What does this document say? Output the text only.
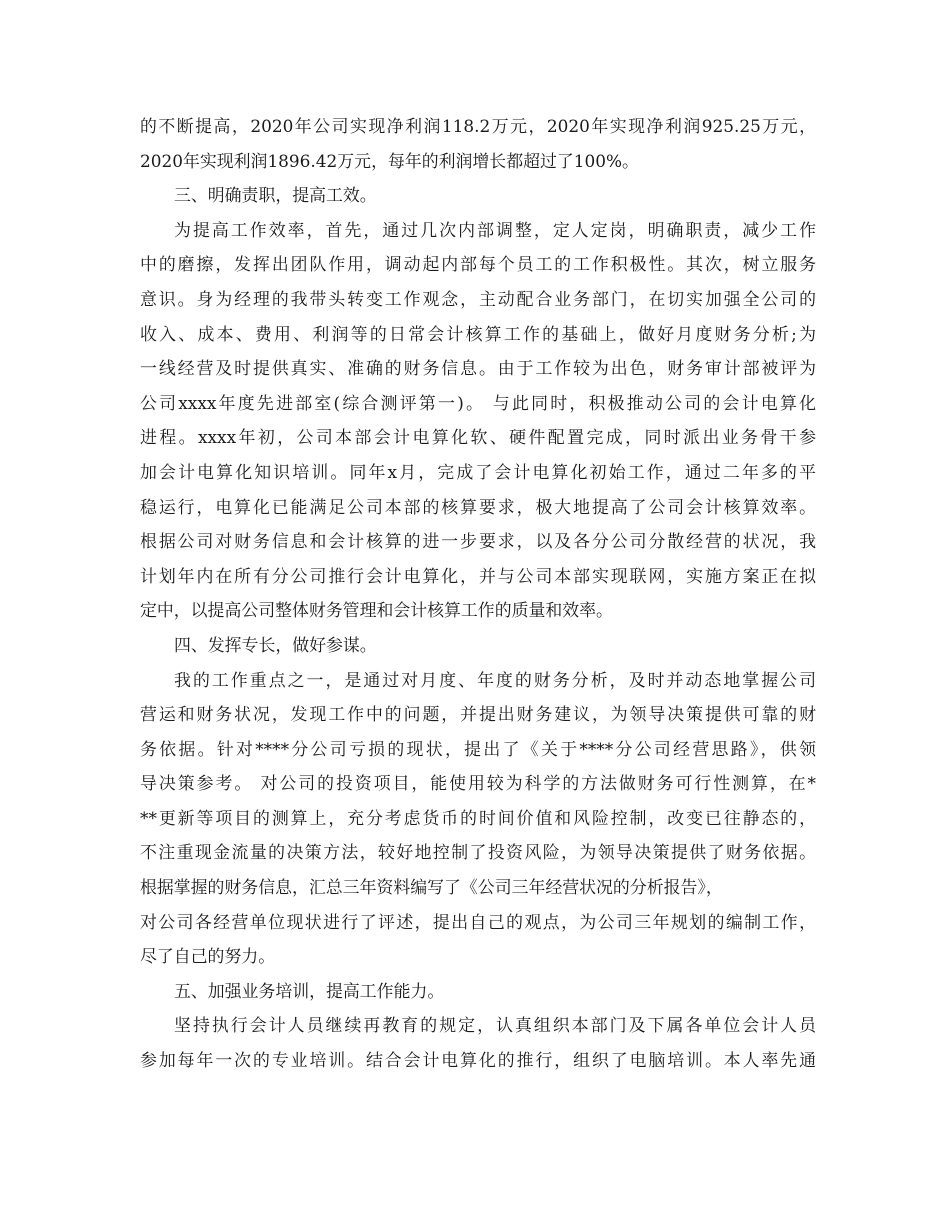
的不断提高，2020年公司实现净利润118.2万元，2020年实现净利润925.25万元，
2020年实现利润1896.42万元，每年的利润增长都超过了100%。
三、明确责职，提高工效。
为提高工作效率，首先，通过几次内部调整，定人定岗，明确职责，减少工作
中的磨擦，发挥出团队作用，调动起内部每个员工的工作积极性。其次，树立服务
意识。身为经理的我带头转变工作观念，主动配合业务部门，在切实加强全公司的
收入、成本、费用、利润等的日常会计核算工作的基础上，做好月度财务分析;为
一线经营及时提供真实、准确的财务信息。由于工作较为出色，财务审计部被评为
公司xxxx年度先进部室(综合测评第一)。 与此同时，积极推动公司的会计电算化
进程。xxxx年初，公司本部会计电算化软、硬件配置完成，同时派出业务骨干参
加会计电算化知识培训。同年x月，完成了会计电算化初始工作，通过二年多的平
稳运行，电算化已能满足公司本部的核算要求，极大地提高了公司会计核算效率。
根据公司对财务信息和会计核算的进一步要求，以及各分公司分散经营的状况，我
计划年内在所有分公司推行会计电算化，并与公司本部实现联网，实施方案正在拟
定中，以提高公司整体财务管理和会计核算工作的质量和效率。
四、发挥专长，做好参谋。
我的工作重点之一，是通过对月度、年度的财务分析，及时并动态地掌握公司
营运和财务状况，发现工作中的问题，并提出财务建议，为领导决策提供可靠的财
务依据。针对****分公司亏损的现状，提出了《关于****分公司经营思路》，供领
导决策参考。 对公司的投资项目，能使用较为科学的方法做财务可行性测算，在*
**更新等项目的测算上，充分考虑货币的时间价值和风险控制，改变已往静态的，
不注重现金流量的决策方法，较好地控制了投资风险，为领导决策提供了财务依据。
根据掌握的财务信息，汇总三年资料编写了《公司三年经营状况的分析报告》，
对公司各经营单位现状进行了评述，提出自己的观点，为公司三年规划的编制工作，
尽了自己的努力。
五、加强业务培训，提高工作能力。
坚持执行会计人员继续再教育的规定，认真组织本部门及下属各单位会计人员
参加每年一次的专业培训。结合会计电算化的推行，组织了电脑培训。本人率先通
